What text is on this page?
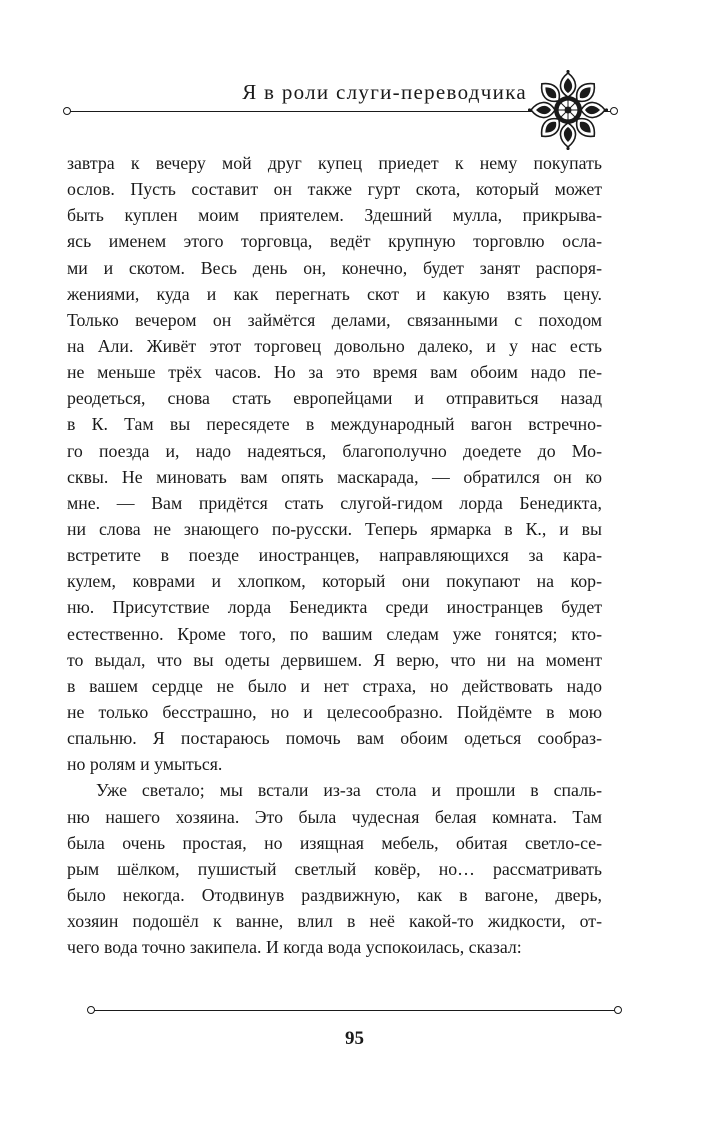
Я в роли слуги-переводчика
завтра к вечеру мой друг купец приедет к нему покупать
ослов. Пусть составит он также гурт скота, который может
быть куплен моим приятелем. Здешний мулла, прикрыва-
ясь именем этого торговца, ведёт крупную торговлю осла-
ми и скотом. Весь день он, конечно, будет занят распоря-
жениями, куда и как перегнать скот и какую взять цену.
Только вечером он займётся делами, связанными с походом
на Али. Живёт этот торговец довольно далеко, и у нас есть
не меньше трёх часов. Но за это время вам обоим надо пе-
реодеться, снова стать европейцами и отправиться назад
в К. Там вы пересядете в международный вагон встречно-
го поезда и, надо надеяться, благополучно доедете до Мо-
сквы. Не миновать вам опять маскарада, — обратился он ко
мне. — Вам придётся стать слугой-гидом лорда Бенедикта,
ни слова не знающего по-русски. Теперь ярмарка в К., и вы
встретите в поезде иностранцев, направляющихся за кара-
кулем, коврами и хлопком, который они покупают на кор-
ню. Присутствие лорда Бенедикта среди иностранцев будет
естественно. Кроме того, по вашим следам уже гонятся; кто-
то выдал, что вы одеты дервишем. Я верю, что ни на момент
в вашем сердце не было и нет страха, но действовать надо
не только бесстрашно, но и целесообразно. Пойдёмте в мою
спальню. Я постараюсь помочь вам обоим одеться сообраз-
но ролям и умыться.
Уже светало; мы встали из-за стола и прошли в спаль-
ню нашего хозяина. Это была чудесная белая комната. Там
была очень простая, но изящная мебель, обитая светло-се-
рым шёлком, пушистый светлый ковёр, но… рассматривать
было некогда. Отодвинув раздвижную, как в вагоне, дверь,
хозяин подошёл к ванне, влил в неё какой-то жидкости, от-
чего вода точно закипела. И когда вода успокоилась, сказал:
95
